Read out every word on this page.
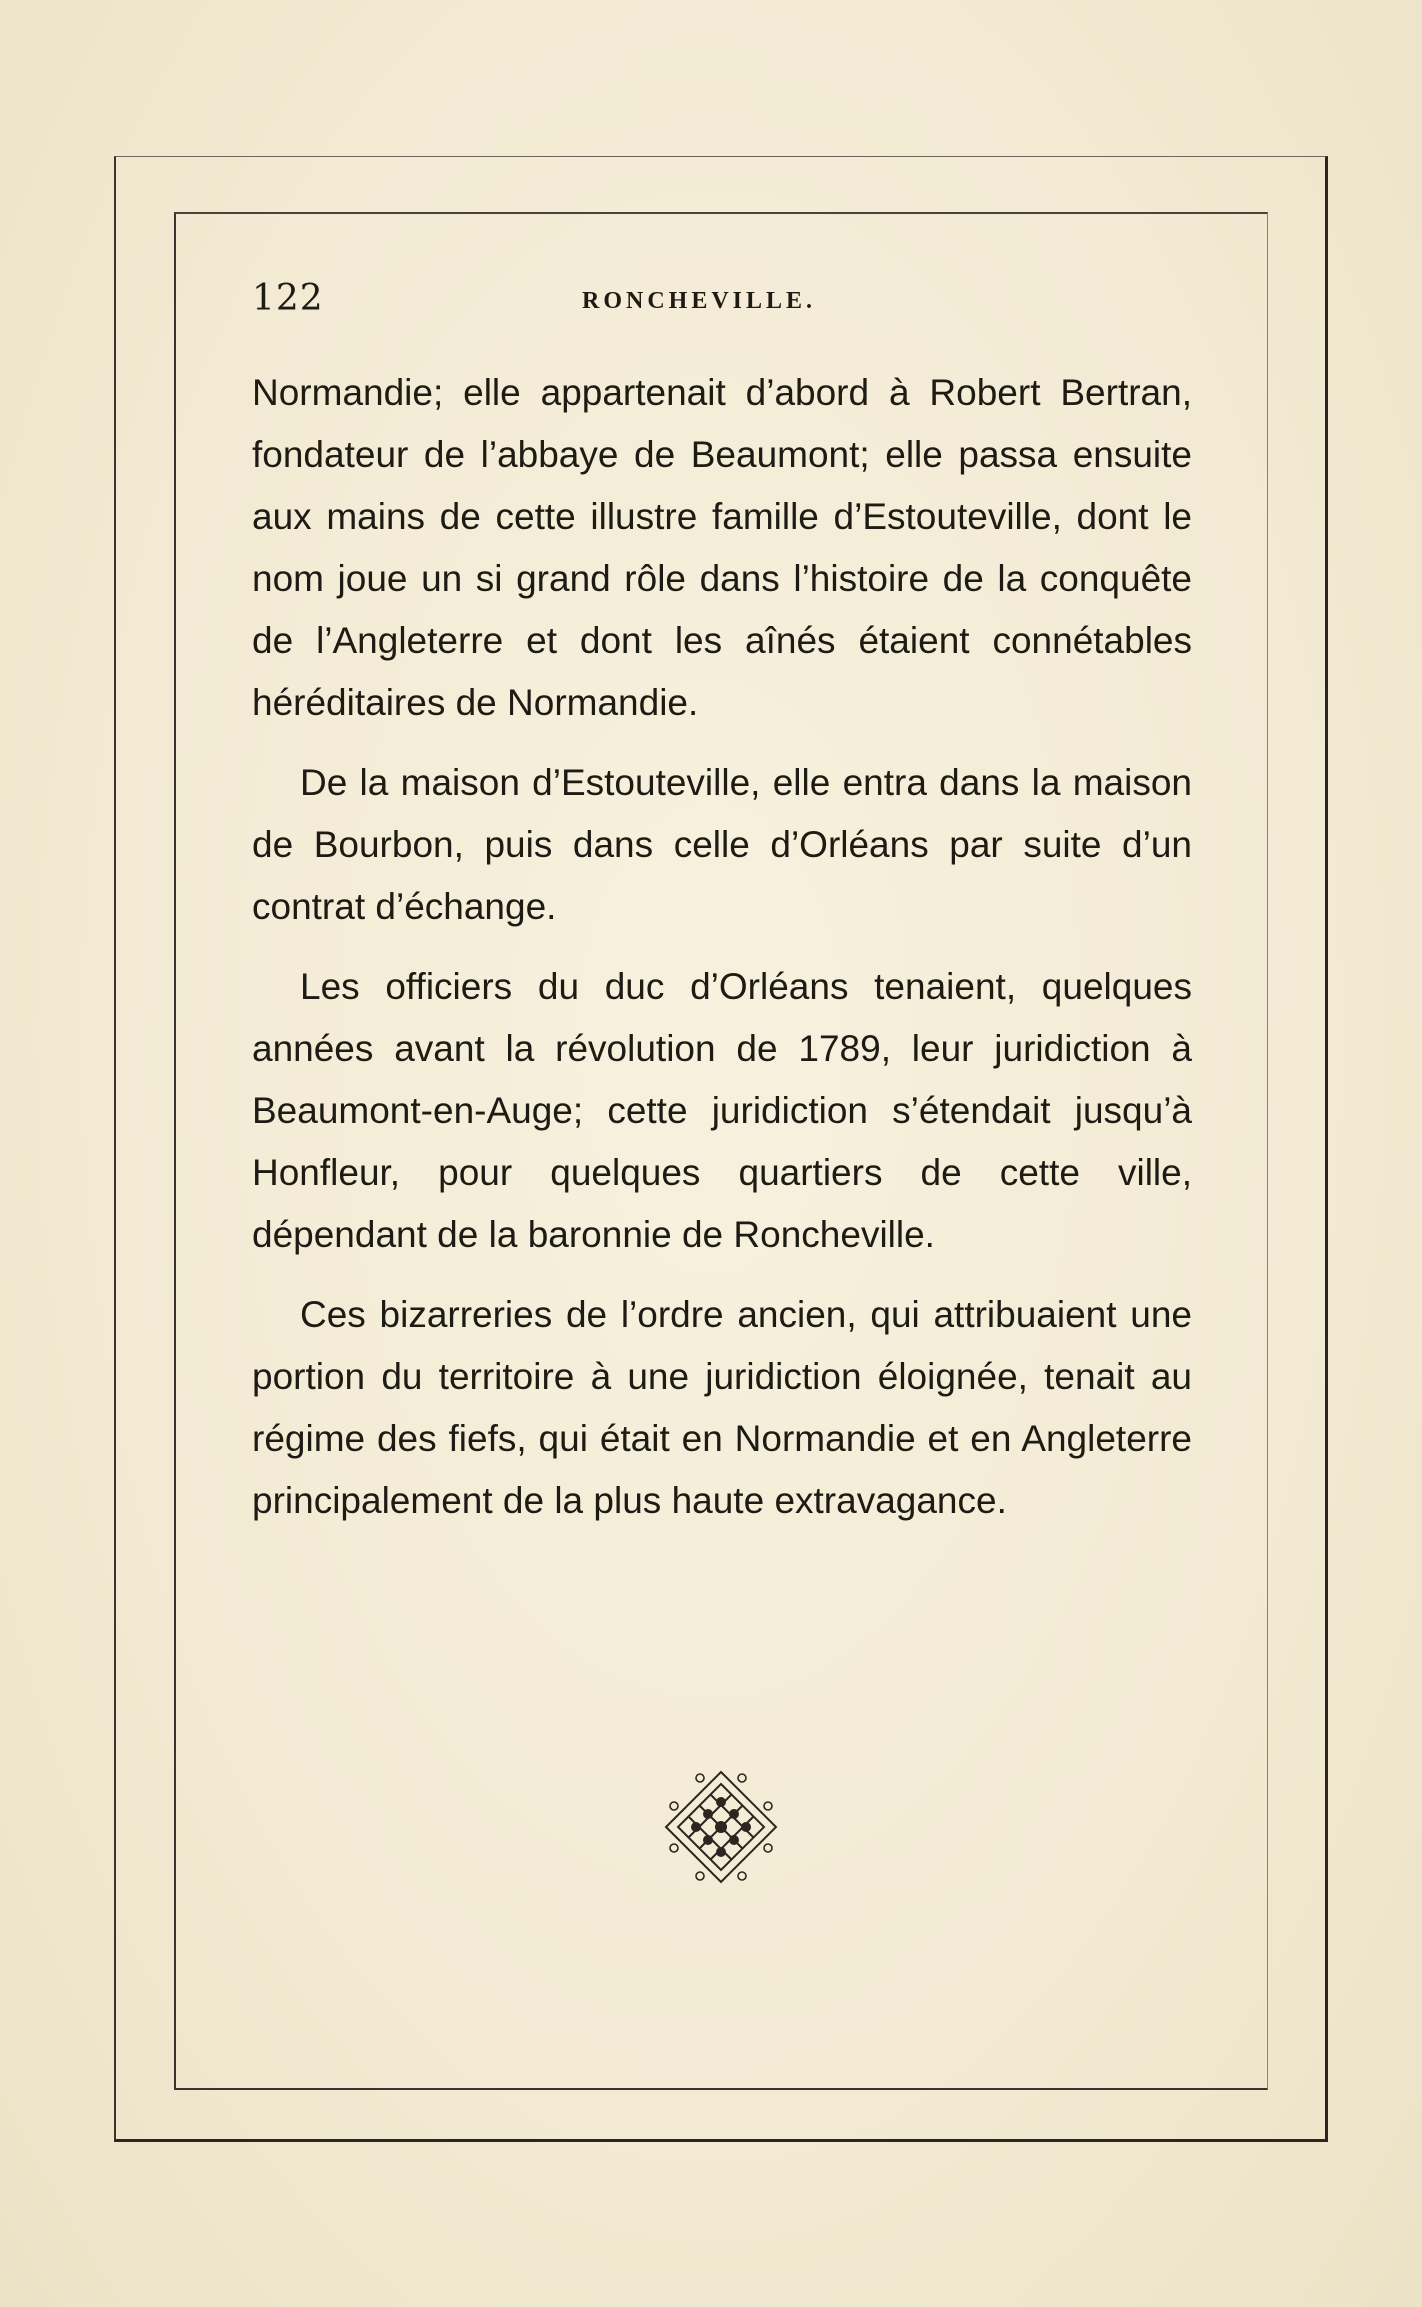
122	RONCHEVILLE.

Normandie; elle appartenait d’abord à Robert Bertran, fondateur de l’abbaye de Beaumont; elle passa ensuite aux mains de cette illustre famille d’Estouteville, dont le nom joue un si grand rôle dans l’histoire de la conquête de l’Angleterre et dont les aînés étaient connétables héréditaires de Normandie.

De la maison d’Estouteville, elle entra dans la maison de Bourbon, puis dans celle d’Orléans par suite d’un contrat d’échange.

Les officiers du duc d’Orléans tenaient, quelques années avant la révolution de 1789, leur juridiction à Beaumont-en-Auge; cette juridiction s’étendait jusqu’à Honfleur, pour quelques quartiers de cette ville, dépendant de la baronnie de Roncheville.

Ces bizarreries de l’ordre ancien, qui attribuaient une portion du territoire à une juridiction éloignée, tenait au régime des fiefs, qui était en Normandie et en Angleterre principalement de la plus haute extravagance.
